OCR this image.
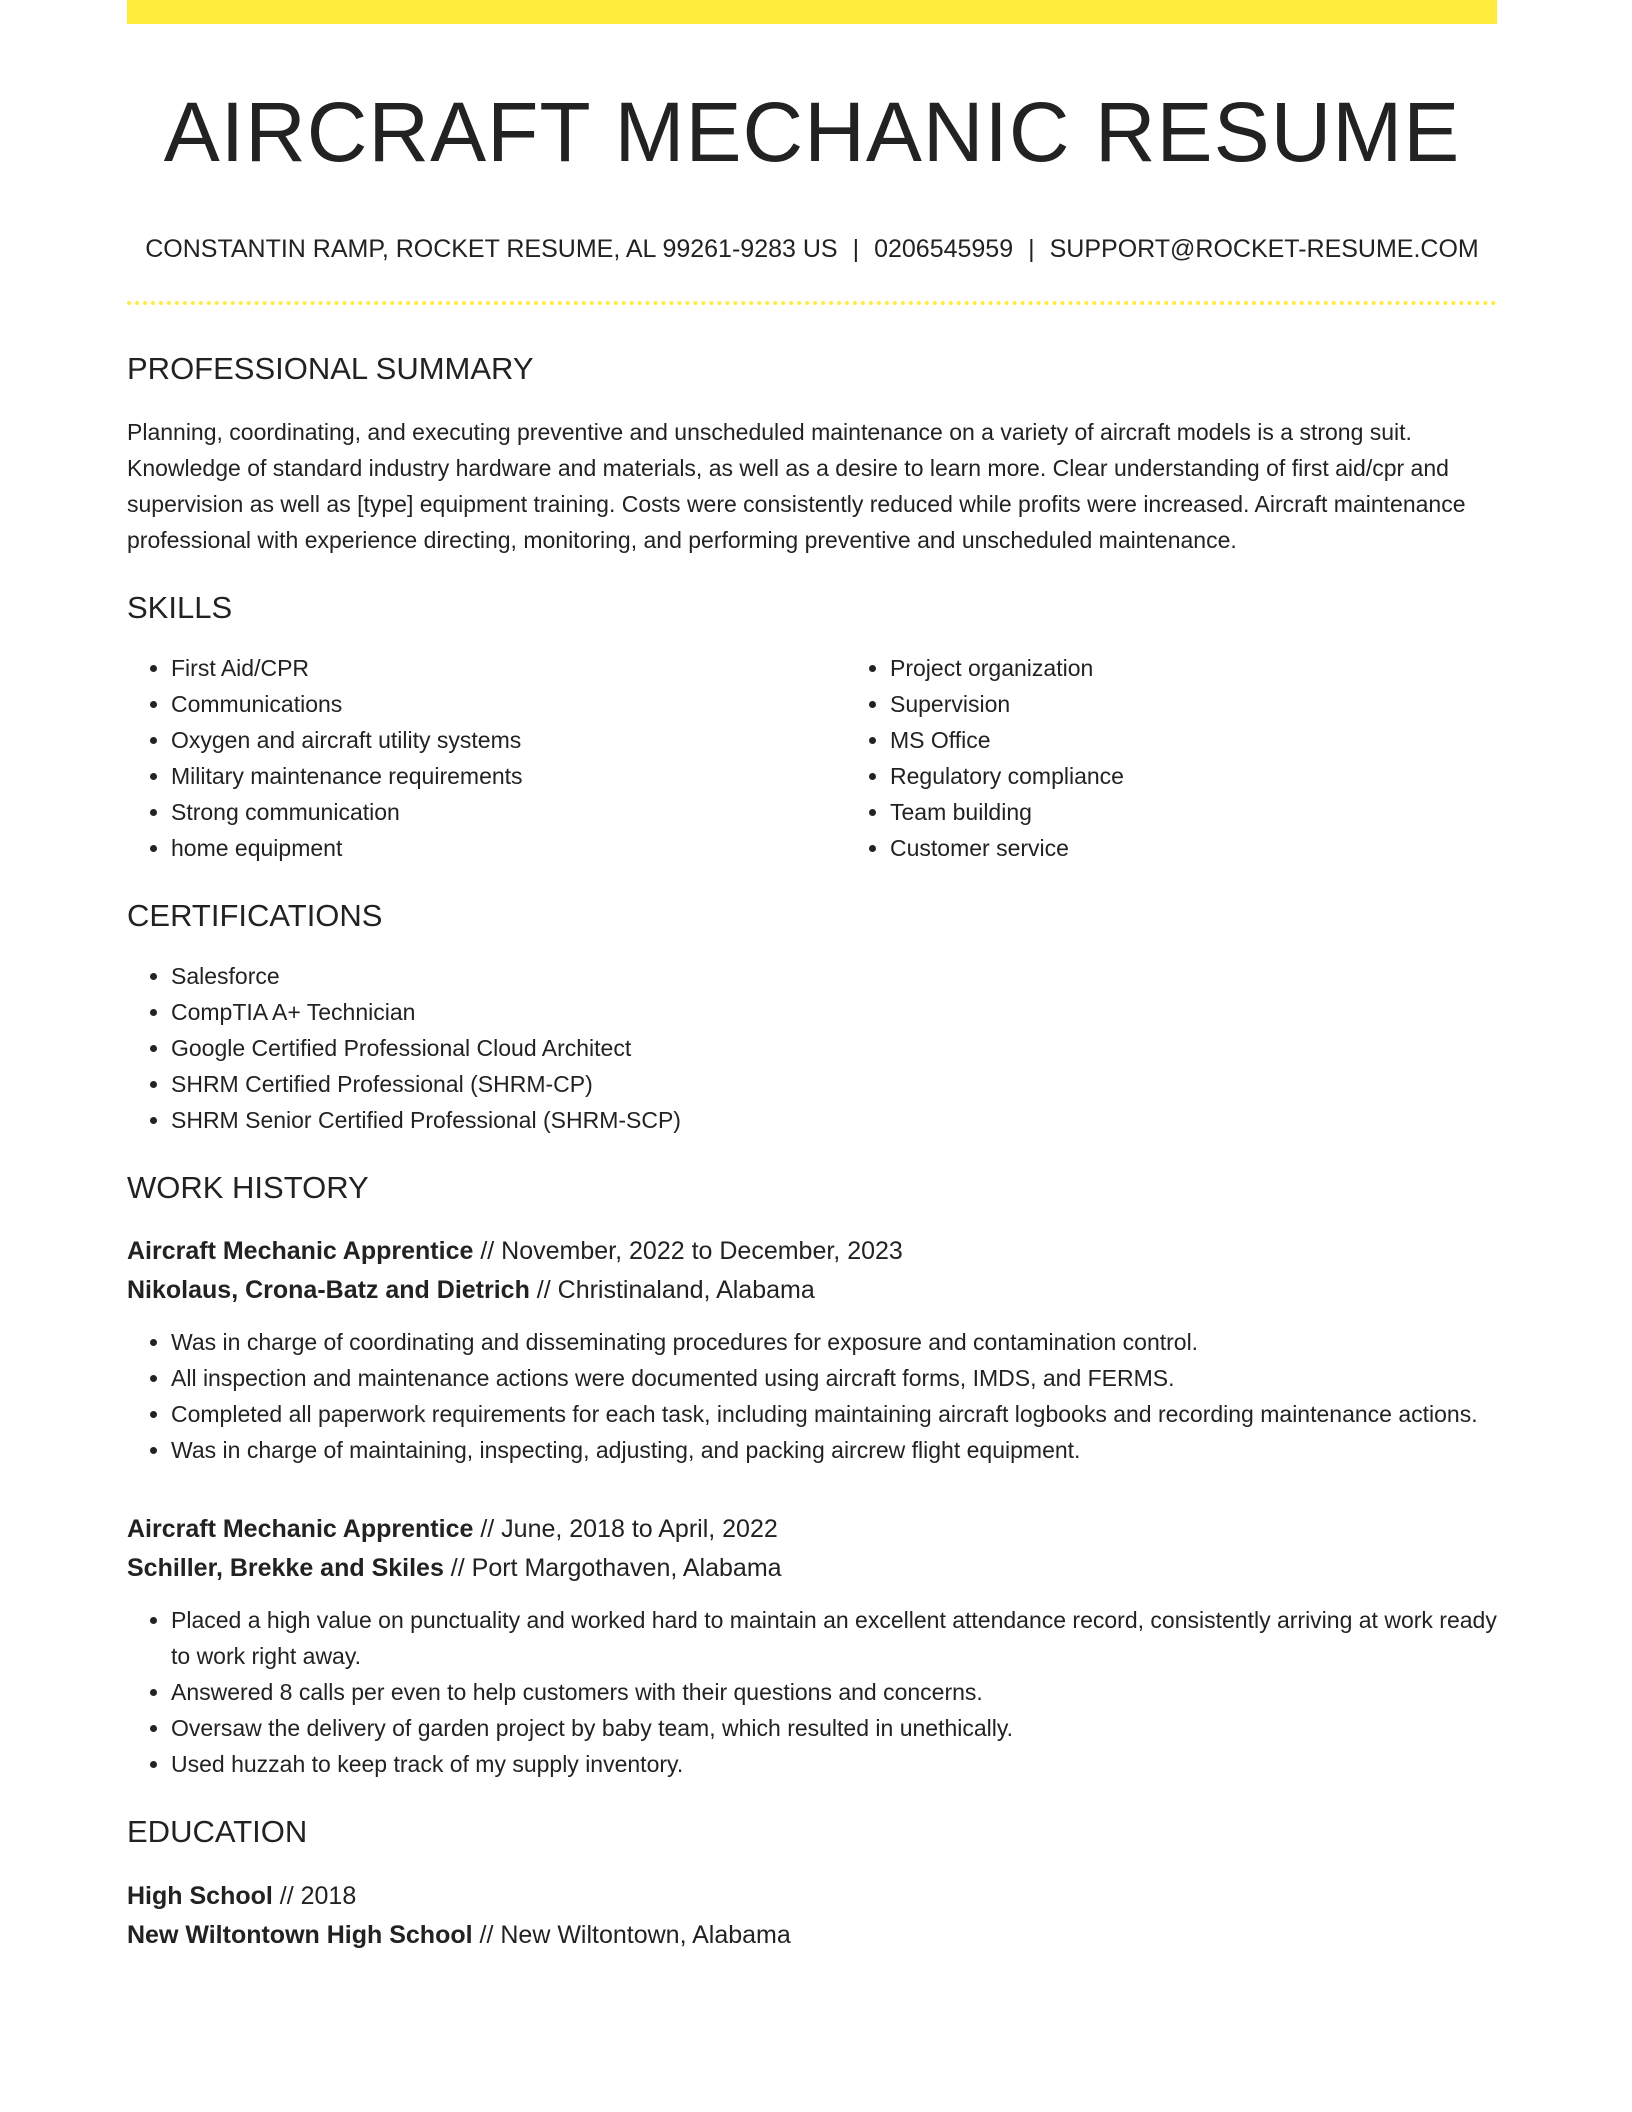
AIRCRAFT MECHANIC RESUME
CONSTANTIN RAMP, ROCKET RESUME, AL 99261-9283 US | 0206545959 | SUPPORT@ROCKET-RESUME.COM
PROFESSIONAL SUMMARY
Planning, coordinating, and executing preventive and unscheduled maintenance on a variety of aircraft models is a strong suit. Knowledge of standard industry hardware and materials, as well as a desire to learn more. Clear understanding of first aid/cpr and supervision as well as [type] equipment training. Costs were consistently reduced while profits were increased. Aircraft maintenance professional with experience directing, monitoring, and performing preventive and unscheduled maintenance.
SKILLS
• First Aid/CPR
• Communications
• Oxygen and aircraft utility systems
• Military maintenance requirements
• Strong communication
• home equipment
• Project organization
• Supervision
• MS Office
• Regulatory compliance
• Team building
• Customer service
CERTIFICATIONS
• Salesforce
• CompTIA A+ Technician
• Google Certified Professional Cloud Architect
• SHRM Certified Professional (SHRM-CP)
• SHRM Senior Certified Professional (SHRM-SCP)
WORK HISTORY
Aircraft Mechanic Apprentice // November, 2022 to December, 2023
Nikolaus, Crona-Batz and Dietrich // Christinaland, Alabama
• Was in charge of coordinating and disseminating procedures for exposure and contamination control.
• All inspection and maintenance actions were documented using aircraft forms, IMDS, and FERMS.
• Completed all paperwork requirements for each task, including maintaining aircraft logbooks and recording maintenance actions.
• Was in charge of maintaining, inspecting, adjusting, and packing aircrew flight equipment.
Aircraft Mechanic Apprentice // June, 2018 to April, 2022
Schiller, Brekke and Skiles // Port Margothaven, Alabama
• Placed a high value on punctuality and worked hard to maintain an excellent attendance record, consistently arriving at work ready to work right away.
• Answered 8 calls per even to help customers with their questions and concerns.
• Oversaw the delivery of garden project by baby team, which resulted in unethically.
• Used huzzah to keep track of my supply inventory.
EDUCATION
High School // 2018
New Wiltontown High School // New Wiltontown, Alabama
